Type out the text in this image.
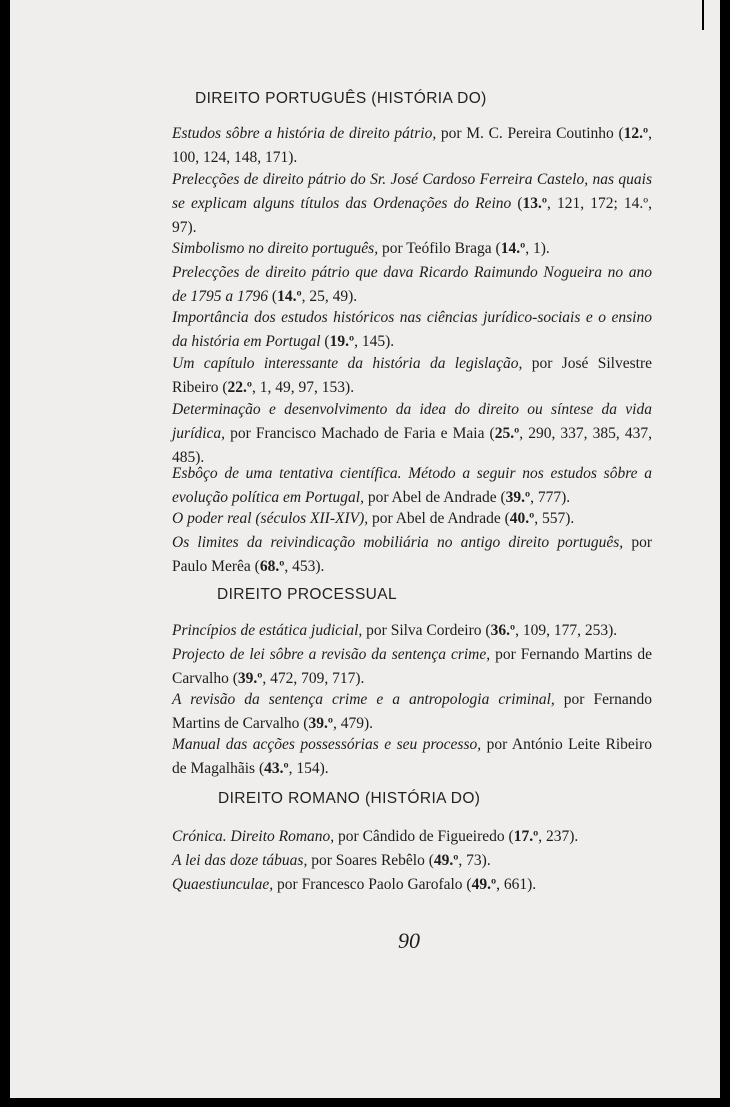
DIREITO PORTUGUÊS (HISTÓRIA DO)
Estudos sôbre a história de direito pátrio, por M. C. Pereira Coutinho (12.º, 100, 124, 148, 171).
Prelecções de direito pátrio do Sr. José Cardoso Ferreira Castelo, nas quais se explicam alguns títulos das Ordenações do Reino (13.º, 121, 172; 14.º, 97).
Simbolismo no direito português, por Teófilo Braga (14.º, 1).
Prelecções de direito pátrio que dava Ricardo Raimundo Nogueira no ano de 1795 a 1796 (14.º, 25, 49).
Importância dos estudos históricos nas ciências jurídico-sociais e o ensino da história em Portugal (19.º, 145).
Um capítulo interessante da história da legislação, por José Silvestre Ribeiro (22.º, 1, 49, 97, 153).
Determinação e desenvolvimento da idea do direito ou síntese da vida jurídica, por Francisco Machado de Faria e Maia (25.º, 290, 337, 385, 437, 485).
Esbôço de uma tentativa científica. Método a seguir nos estudos sôbre a evolução política em Portugal, por Abel de Andrade (39.º, 777).
O poder real (séculos XII-XIV), por Abel de Andrade (40.º, 557).
Os limites da reivindicação mobiliária no antigo direito português, por Paulo Merêa (68.º, 453).
DIREITO PROCESSUAL
Princípios de estática judicial, por Silva Cordeiro (36.º, 109, 177, 253).
Projecto de lei sôbre a revisão da sentença crime, por Fernando Martins de Carvalho (39.º, 472, 709, 717).
A revisão da sentença crime e a antropologia criminal, por Fernando Martins de Carvalho (39.º, 479).
Manual das acções possessórias e seu processo, por António Leite Ribeiro de Magalhãis (43.º, 154).
DIREITO ROMANO (HISTÓRIA DO)
Crónica. Direito Romano, por Cândido de Figueiredo (17.º, 237).
A lei das doze tábuas, por Soares Rebêlo (49.º, 73).
Quaestiunculae, por Francesco Paolo Garofalo (49.º, 661).
90
